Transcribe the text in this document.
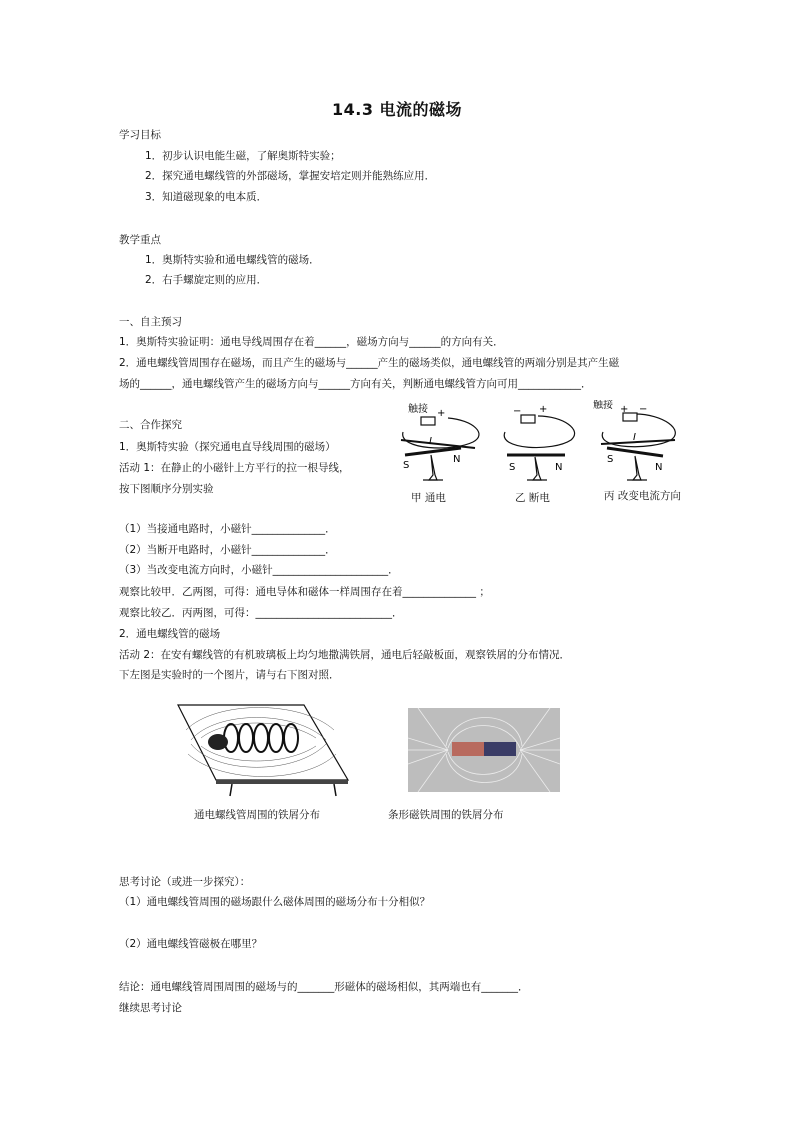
14.3 电流的磁场
学习目标
1．初步认识电能生磁，了解奥斯特实验；
2．探究通电螺线管的外部磁场，掌握安培定则并能熟练应用．
3．知道磁现象的电本质．
教学重点
1．奥斯特实验和通电螺线管的磁场．
2．右手螺旋定则的应用．
一、自主预习
1．奥斯特实验证明：通电导线周围存在着______，磁场方向与______的方向有关．
2．通电螺线管周围存在磁场，而且产生的磁场与______产生的磁场类似，通电螺线管的两端分别是其产生磁
场的______，通电螺线管产生的磁场方向与______方向有关，判断通电螺线管方向可用____________．
二、合作探究
1．奥斯特实验（探究通电直导线周围的磁场）
活动 1：在静止的小磁针上方平行的拉一根导线，
按下图顺序分别实验
触接 +
I
S
N
− +
S	N
触接 + −
I
S
N
甲 通电	乙 断电	丙 改变电流方向
（1）当接通电路时，小磁针______________．
（2）当断开电路时，小磁针______________．
（3）当改变电流方向时，小磁针______________________．
观察比较甲．乙两图，可得：通电导体和磁体一样周围存在着______________ ；
观察比较乙．丙两图，可得：__________________________．
2．通电螺线管的磁场
活动 2：在安有螺线管的有机玻璃板上均匀地撒满铁屑，通电后轻敲板面，观察铁屑的分布情况．
下左图是实验时的一个图片，请与右下图对照．
通电螺线管周围的铁屑分布	条形磁铁周围的铁屑分布
思考讨论（或进一步探究）：
（1）通电螺线管周围的磁场跟什么磁体周围的磁场分布十分相似？
（2）通电螺线管磁极在哪里？
结论：通电螺线管周围周围的磁场与的_______形磁体的磁场相似，其两端也有_______．
继续思考讨论
